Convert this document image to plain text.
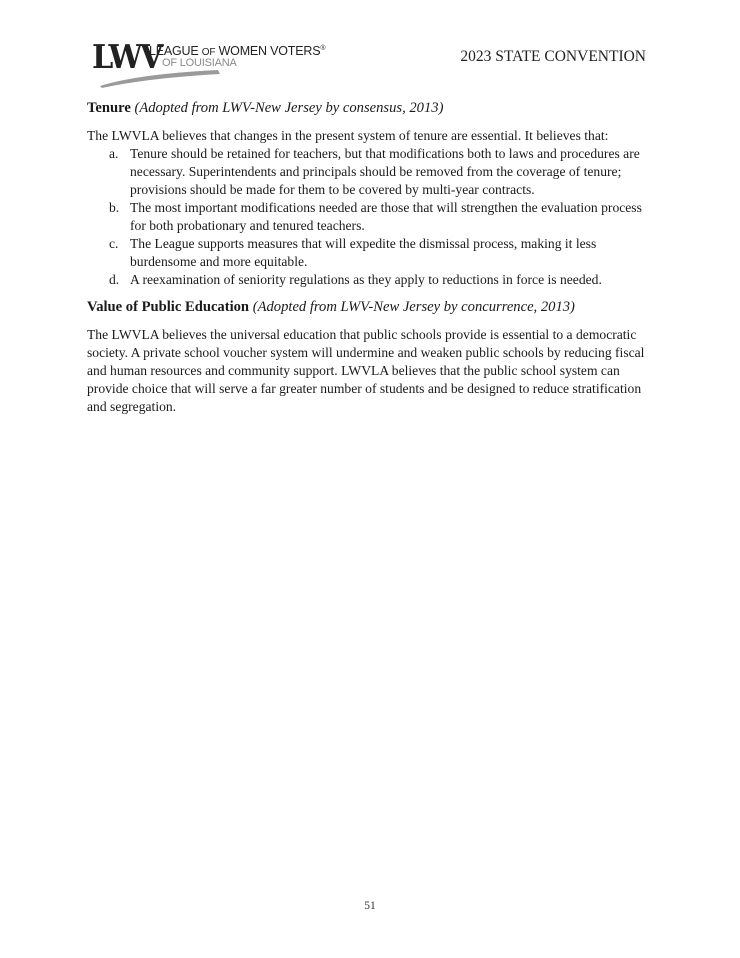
LWV
LEAGUE OF WOMEN VOTERS®
OF LOUISIANA	2023 STATE CONVENTION
Tenure (Adopted from LWV-New Jersey by consensus, 2013)

The LWVLA believes that changes in the present system of tenure are essential. It believes that:

a. Tenure should be retained for teachers, but that modifications both to laws and procedures are necessary. Superintendents and principals should be removed from the coverage of tenure; provisions should be made for them to be covered by multi-year contracts.
b. The most important modifications needed are those that will strengthen the evaluation process for both probationary and tenured teachers.
c. The League supports measures that will expedite the dismissal process, making it less burdensome and more equitable.
d. A reexamination of seniority regulations as they apply to reductions in force is needed.
Value of Public Education (Adopted from LWV-New Jersey by concurrence, 2013)

The LWVLA believes the universal education that public schools provide is essential to a democratic society. A private school voucher system will undermine and weaken public schools by reducing fiscal and human resources and community support. LWVLA believes that the public school system can provide choice that will serve a far greater number of students and be designed to reduce stratification and segregation.

51
